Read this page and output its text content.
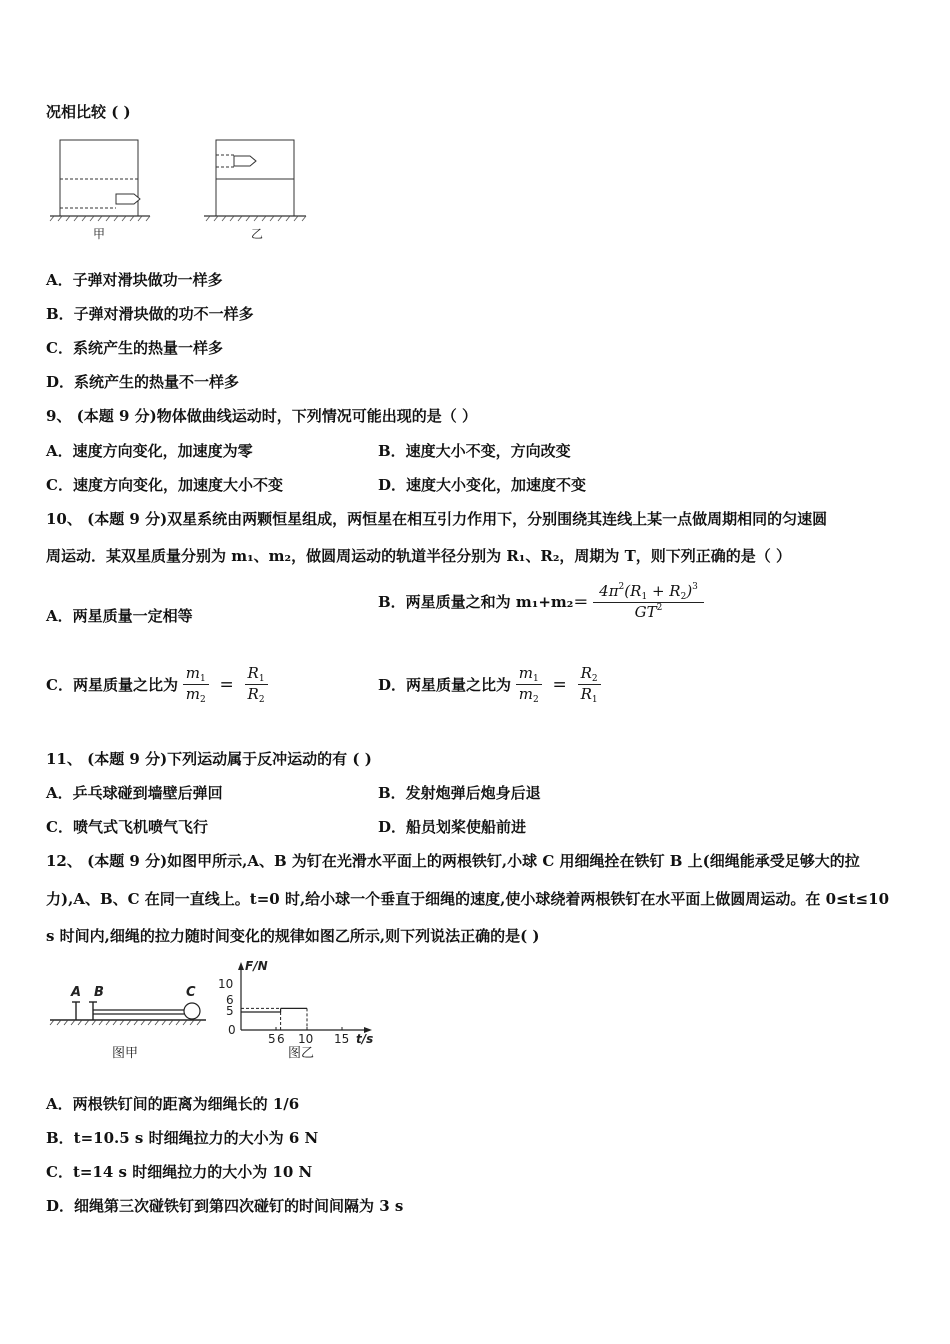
况相比较 ( )
甲	乙
A．子弹对滑块做功一样多
B．子弹对滑块做的功不一样多
C．系统产生的热量一样多
D．系统产生的热量不一样多
9、 (本题 9 分)物体做曲线运动时，下列情况可能出现的是（ ）
A．速度方向变化，加速度为零	B．速度大小不变，方向改变
C．速度方向变化，加速度大小不变	D．速度大小变化，加速度不变
10、 (本题 9 分)双星系统由两颗恒星组成，两恒星在相互引力作用下，分别围绕其连线上某一点做周期相同的匀速圆
周运动．某双星质量分别为 m₁、m₂，做圆周运动的轨道半径分别为 R₁、R₂，周期为 T，则下列正确的是（ ）
A．两星质量一定相等
B．两星质量之和为 $m_1+m_2= \frac{4\pi^2(R_1 + R_2)^3}{GT^2}$
C．两星质量之比为 $\frac{m_1}{m_2} = \frac{R_1}{R_2}$	D．两星质量之比为 $\frac{m_1}{m_2} = \frac{R_2}{R_1}$
11、 (本题 9 分)下列运动属于反冲运动的有 ( )
A．乒乓球碰到墙壁后弹回	B．发射炮弹后炮身后退
C．喷气式飞机喷气飞行	D．船员划桨使船前进
12、 (本题 9 分)如图甲所示,A、B 为钉在光滑水平面上的两根铁钉,小球 C 用细绳拴在铁钉 B 上(细绳能承受足够大的拉
力),A、B、C 在同一直线上。t=0 时,给小球一个垂直于细绳的速度,使小球绕着两根铁钉在水平面上做圆周运动。在 0≤t≤10
s 时间内,细绳的拉力随时间变化的规律如图乙所示,则下列说法正确的是( )
A B	C
图甲
F/N
t/s
10
6
5
0
5 6 10 15
图乙
A．两根铁钉间的距离为细绳长的 1/6
B．t=10.5 s 时细绳拉力的大小为 6 N
C．t=14 s 时细绳拉力的大小为 10 N
D．细绳第三次碰铁钉到第四次碰钉的时间间隔为 3 s
